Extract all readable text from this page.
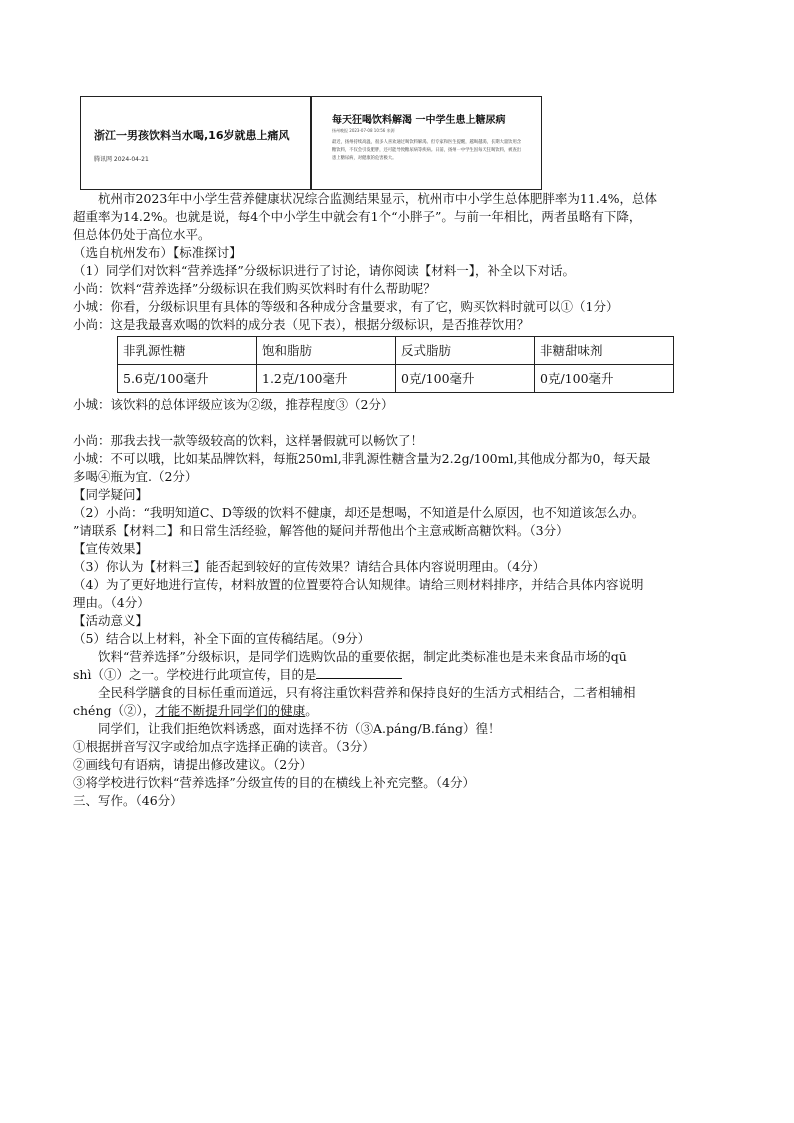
浙江一男孩饮料当水喝,16岁就患上痛风
腾讯网 2024-04-21
每天狂喝饮料解渴 一中学生患上糖尿病
扬州晚报 2023-07-08 10:56 来源
最近，扬州持续高温，很多人喜欢通过喝饮料解渴。但专家和医生提醒，越喝越渴，长期大量饮用含糖饮料，不仅会引发肥胖，还可能导致糖尿病等疾病。日前，扬州一中学生因每天狂喝饮料，被查出患上糖尿病，对健康的危害极大。

杭州市2023年中小学生营养健康状况综合监测结果显示，杭州市中小学生总体肥胖率为11.4%，总体

超重率为14.2%。也就是说，每4个中小学生中就会有1个“小胖子”。与前一年相比，两者虽略有下降，

但总体仍处于高位水平。

（选自杭州发布）【标准探讨】

（1）同学们对饮料“营养选择”分级标识进行了讨论，请你阅读【材料一】，补全以下对话。

小尚：饮料“营养选择”分级标识在我们购买饮料时有什么帮助呢？

小城：你看，分级标识里有具体的等级和各种成分含量要求，有了它，购买饮料时就可以①（1分）

小尚：这是我最喜欢喝的饮料的成分表（见下表），根据分级标识，是否推荐饮用？

非乳源性糖	饱和脂肪	反式脂肪	非糖甜味剂
5.6克/100毫升	1.2克/100毫升	0克/100毫升	0克/100毫升

小城：该饮料的总体评级应该为②级，推荐程度③（2分）

小尚：那我去找一款等级较高的饮料，这样暑假就可以畅饮了！

小城：不可以哦，比如某品牌饮料，每瓶250ml,非乳源性糖含量为2.2g/100ml,其他成分都为0，每天最

多喝④瓶为宜.（2分）

【同学疑问】

（2）小尚：“我明知道C、D等级的饮料不健康，却还是想喝，不知道是什么原因，也不知道该怎么办。

”请联系【材料二】和日常生活经验，解答他的疑问并帮他出个主意戒断高糖饮料。（3分）

【宣传效果】

（3）你认为【材料三】能否起到较好的宣传效果？请结合具体内容说明理由。（4分）

（4）为了更好地进行宣传，材料放置的位置要符合认知规律。请给三则材料排序，并结合具体内容说明

理由。（4分）

【活动意义】

（5）结合以上材料，补全下面的宣传稿结尾。（9分）

饮料“营养选择”分级标识，是同学们选购饮品的重要依据，制定此类标准也是未来食品市场的qū

shì（①）之一。学校进行此项宣传，目的是

全民科学膳食的目标任重而道远，只有将注重饮料营养和保持良好的生活方式相结合，二者相辅相

chéng（②），才能不断提升同学们的健康。

同学们，让我们拒绝饮料诱惑，面对选择不彷（③A.páng/B.fáng）徨！

①根据拼音写汉字或给加点字选择正确的读音。（3分）

②画线句有语病，请提出修改建议。（2分）

③将学校进行饮料“营养选择”分级宣传的目的在横线上补充完整。（4分）

三、写作。（46分）
